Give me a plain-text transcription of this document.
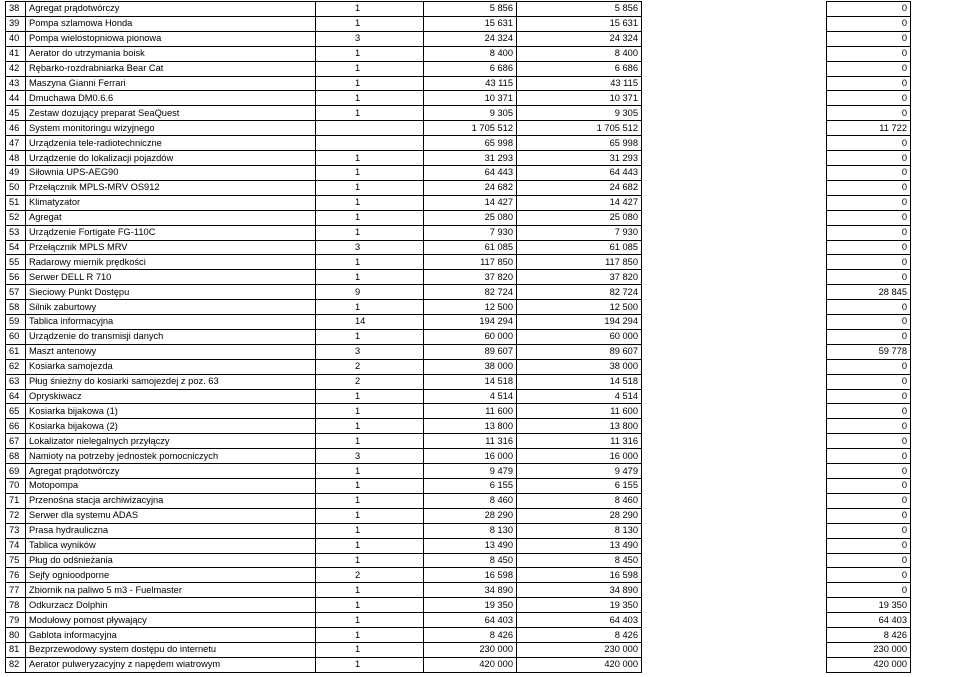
38	Agregat prądotwórczy	1	5 856	5 856		0
39	Pompa szlamowa Honda	1	15 631	15 631		0
40	Pompa wielostopniowa pionowa	3	24 324	24 324		0
41	Aerator do utrzymania boisk	1	8 400	8 400		0
42	Rębarko-rozdrabniarka Bear Cat	1	6 686	6 686		0
43	Maszyna Gianni Ferrari	1	43 115	43 115		0
44	Dmuchawa DM0.6.6	1	10 371	10 371		0
45	Zestaw dozujący preparat SeaQuest	1	9 305	9 305		0
46	System monitoringu wizyjnego		1 705 512	1 705 512		11 722
47	Urządzenia tele-radiotechniczne		65 998	65 998		0
48	Urządzenie do lokalizacji pojazdów	1	31 293	31 293		0
49	Siłownia UPS-AEG90	1	64 443	64 443		0
50	Przełącznik MPLS-MRV OS912	1	24 682	24 682		0
51	Klimatyzator	1	14 427	14 427		0
52	Agregat	1	25 080	25 080		0
53	Urządzenie Fortigate FG-110C	1	7 930	7 930		0
54	Przełącznik MPLS MRV	3	61 085	61 085		0
55	Radarowy miernik prędkości	1	117 850	117 850		0
56	Serwer DELL R 710	1	37 820	37 820		0
57	Sieciowy Punkt Dostępu	9	82 724	82 724		28 845
58	Silnik zaburtowy	1	12 500	12 500		0
59	Tablica informacyjna	14	194 294	194 294		0
60	Urządzenie do transmisji danych	1	60 000	60 000		0
61	Maszt antenowy	3	89 607	89 607		59 778
62	Kosiarka samojezda	2	38 000	38 000		0
63	Pług śnieżny do kosiarki samojezdej z poz. 63	2	14 518	14 518		0
64	Opryskiwacz	1	4 514	4 514		0
65	Kosiarka bijakowa (1)	1	11 600	11 600		0
66	Kosiarka bijakowa (2)	1	13 800	13 800		0
67	Lokalizator nielegalnych przyłączy	1	11 316	11 316		0
68	Namioty na potrzeby jednostek pomocniczych	3	16 000	16 000		0
69	Agregat prądotwórczy	1	9 479	9 479		0
70	Motopompa	1	6 155	6 155		0
71	Przenośna stacja archiwizacyjna	1	8 460	8 460		0
72	Serwer dla systemu ADAS	1	28 290	28 290		0
73	Prasa hydrauliczna	1	8 130	8 130		0
74	Tablica wyników	1	13 490	13 490		0
75	Pług do odśnieżania	1	8 450	8 450		0
76	Sejfy ognioodporne	2	16 598	16 598		0
77	Zbiornik na paliwo 5 m3 - Fuelmaster	1	34 890	34 890		0
78	Odkurzacz Dolphin	1	19 350	19 350		19 350
79	Modułowy pomost pływający	1	64 403	64 403		64 403
80	Gablota informacyjna	1	8 426	8 426		8 426
81	Bezprzewodowy system dostępu do internetu	1	230 000	230 000		230 000
82	Aerator pulweryzacyjny z napędem wiatrowym	1	420 000	420 000		420 000
